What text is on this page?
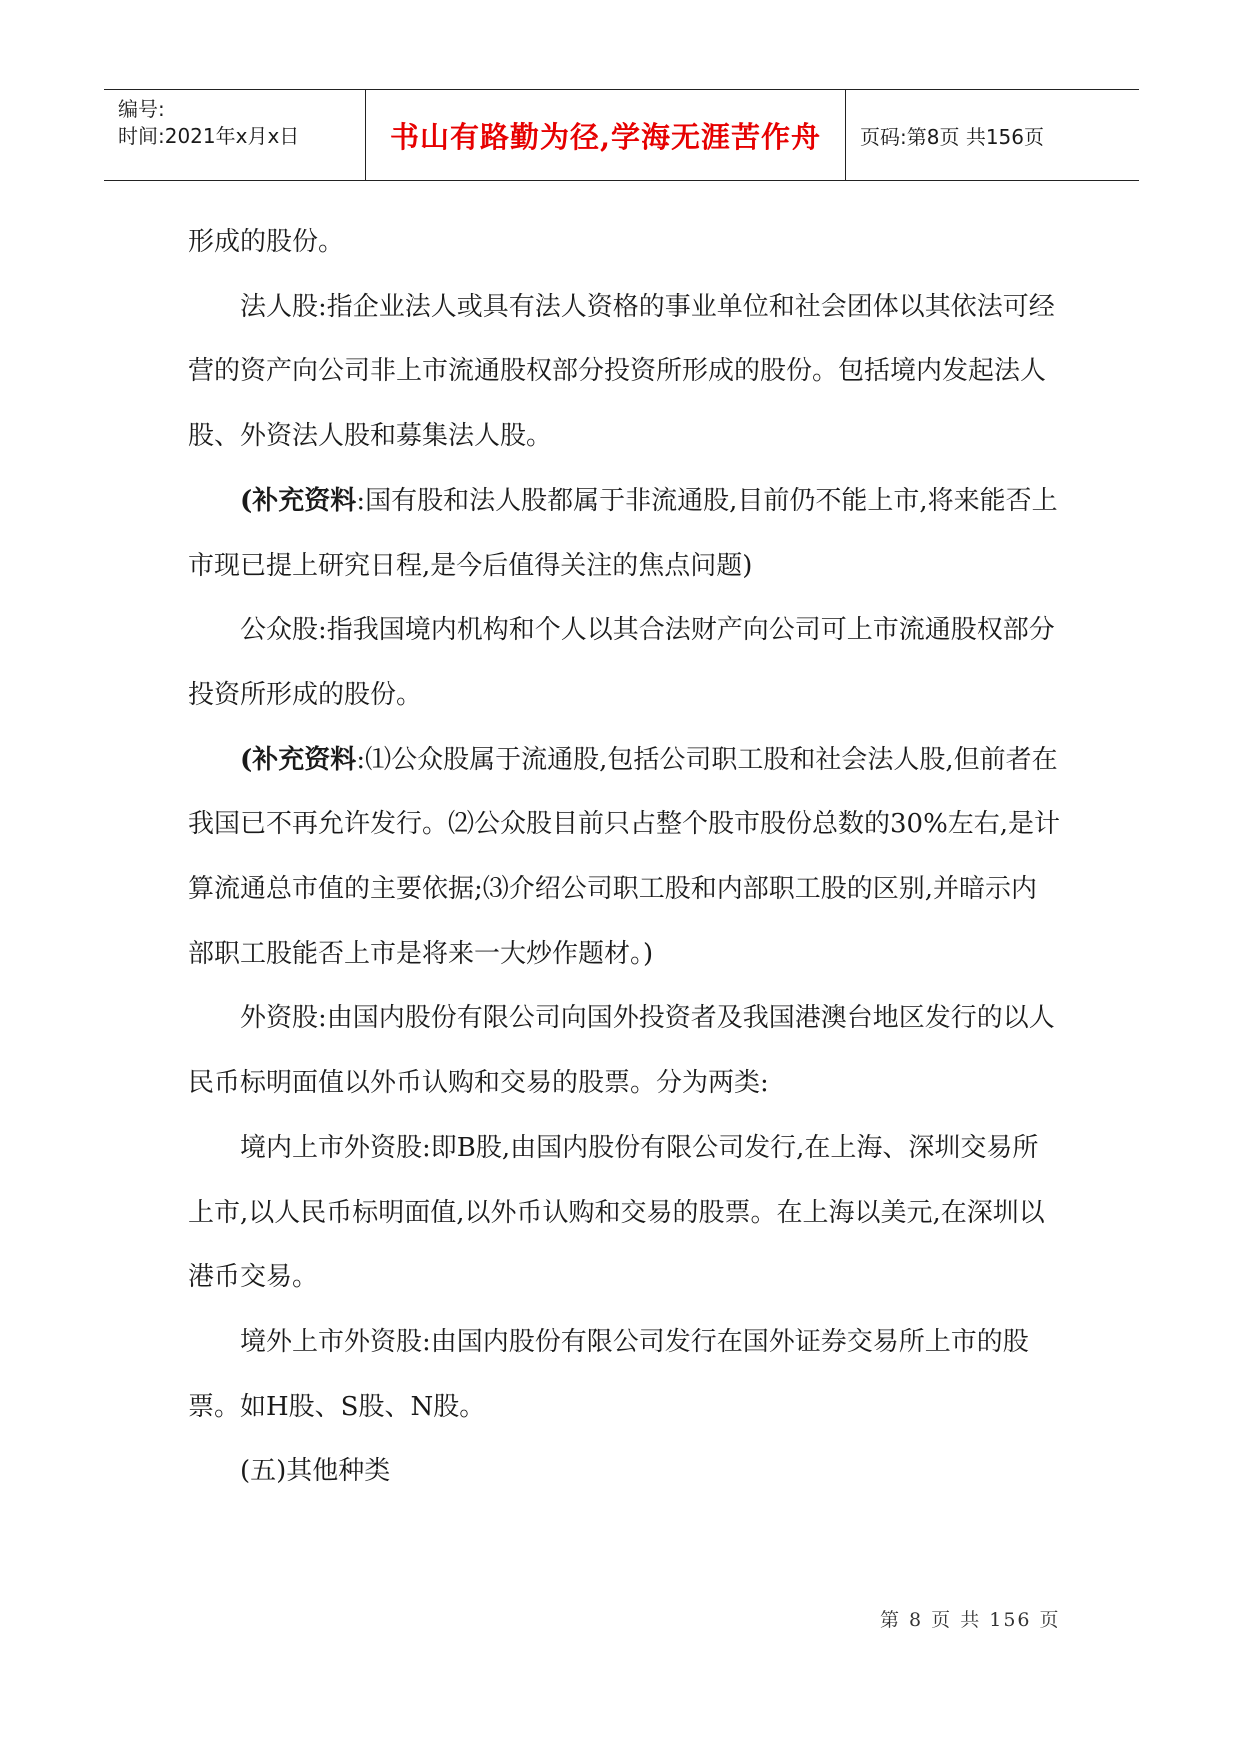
编号:
时间:2021年x月x日	书山有路勤为径,学海无涯苦作舟	页码:第8页 共156页

形成的股份。

法人股:指企业法人或具有法人资格的事业单位和社会团体以其依法可经营的资产向公司非上市流通股权部分投资所形成的股份。包括境内发起法人股、外资法人股和募集法人股。

(补充资料:国有股和法人股都属于非流通股,目前仍不能上市,将来能否上市现已提上研究日程,是今后值得关注的焦点问题)

公众股:指我国境内机构和个人以其合法财产向公司可上市流通股权部分投资所形成的股份。

(补充资料:⑴公众股属于流通股,包括公司职工股和社会法人股,但前者在我国已不再允许发行。⑵公众股目前只占整个股市股份总数的30%左右,是计算流通总市值的主要依据;⑶介绍公司职工股和内部职工股的区别,并暗示内部职工股能否上市是将来一大炒作题材。)

外资股:由国内股份有限公司向国外投资者及我国港澳台地区发行的以人民币标明面值以外币认购和交易的股票。分为两类:

境内上市外资股:即B股,由国内股份有限公司发行,在上海、深圳交易所上市,以人民币标明面值,以外币认购和交易的股票。在上海以美元,在深圳以港币交易。

境外上市外资股:由国内股份有限公司发行在国外证券交易所上市的股票。如H股、S股、N股。

(五)其他种类

第 8 页 共 156 页
